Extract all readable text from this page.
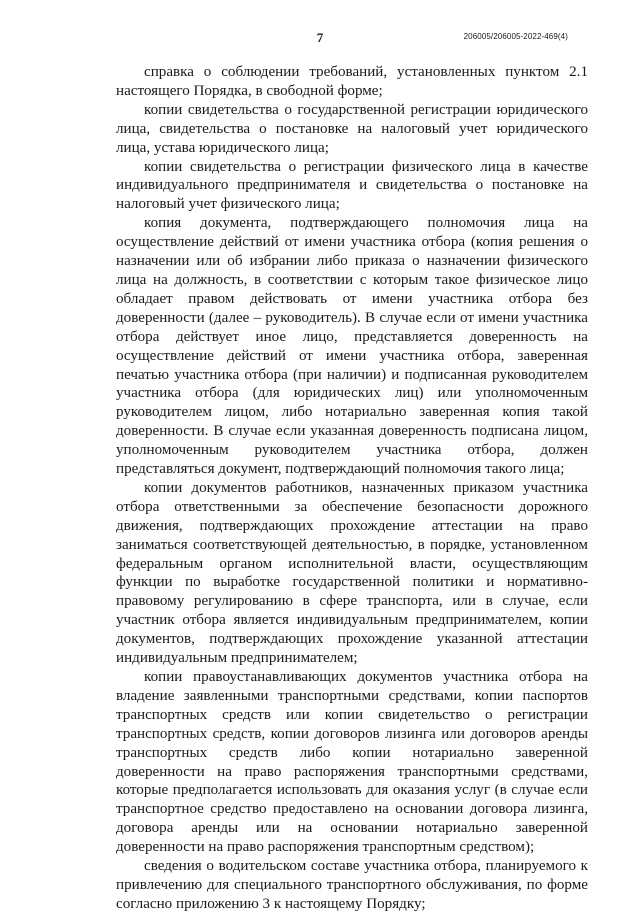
7	206005/206005-2022-469(4)

справка о соблюдении требований, установленных пунктом 2.1 настоящего Порядка, в свободной форме;

копии свидетельства о государственной регистрации юридического лица, свидетельства о постановке на налоговый учет юридического лица, устава юридического лица;

копии свидетельства о регистрации физического лица в качестве индивидуального предпринимателя и свидетельства о постановке на налоговый учет физического лица;

копия документа, подтверждающего полномочия лица на осуществление действий от имени участника отбора (копия решения о назначении или об избрании либо приказа о назначении физического лица на должность, в соответствии с которым такое физическое лицо обладает правом действовать от имени участника отбора без доверенности (далее – руководитель). В случае если от имени участника отбора действует иное лицо, представляется доверенность на осуществление действий от имени участника отбора, заверенная печатью участника отбора (при наличии) и подписанная руководителем участника отбора (для юридических лиц) или уполномоченным руководителем лицом, либо нотариально заверенная копия такой доверенности. В случае если указанная доверенность подписана лицом, уполномоченным руководителем участника отбора, должен представляться документ, подтверждающий полномочия такого лица;

копии документов работников, назначенных приказом участника отбора ответственными за обеспечение безопасности дорожного движения, подтверждающих прохождение аттестации на право заниматься соответствующей деятельностью, в порядке, установленном федеральным органом исполнительной власти, осуществляющим функции по выработке государственной политики и нормативно-правовому регулированию в сфере транспорта, или в случае, если участник отбора является индивидуальным предпринимателем, копии документов, подтверждающих прохождение указанной аттестации индивидуальным предпринимателем;

копии правоустанавливающих документов участника отбора на владение заявленными транспортными средствами, копии паспортов транспортных средств или копии свидетельство о регистрации транспортных средств, копии договоров лизинга или договоров аренды транспортных средств либо копии нотариально заверенной доверенности на право распоряжения транспортными средствами, которые предполагается использовать для оказания услуг (в случае если транспортное средство предоставлено на основании договора лизинга, договора аренды или на основании нотариально заверенной доверенности на право распоряжения транспортным средством);

сведения о водительском составе участника отбора, планируемого к привлечению для специального транспортного обслуживания, по форме согласно приложению 3 к настоящему Порядку;
